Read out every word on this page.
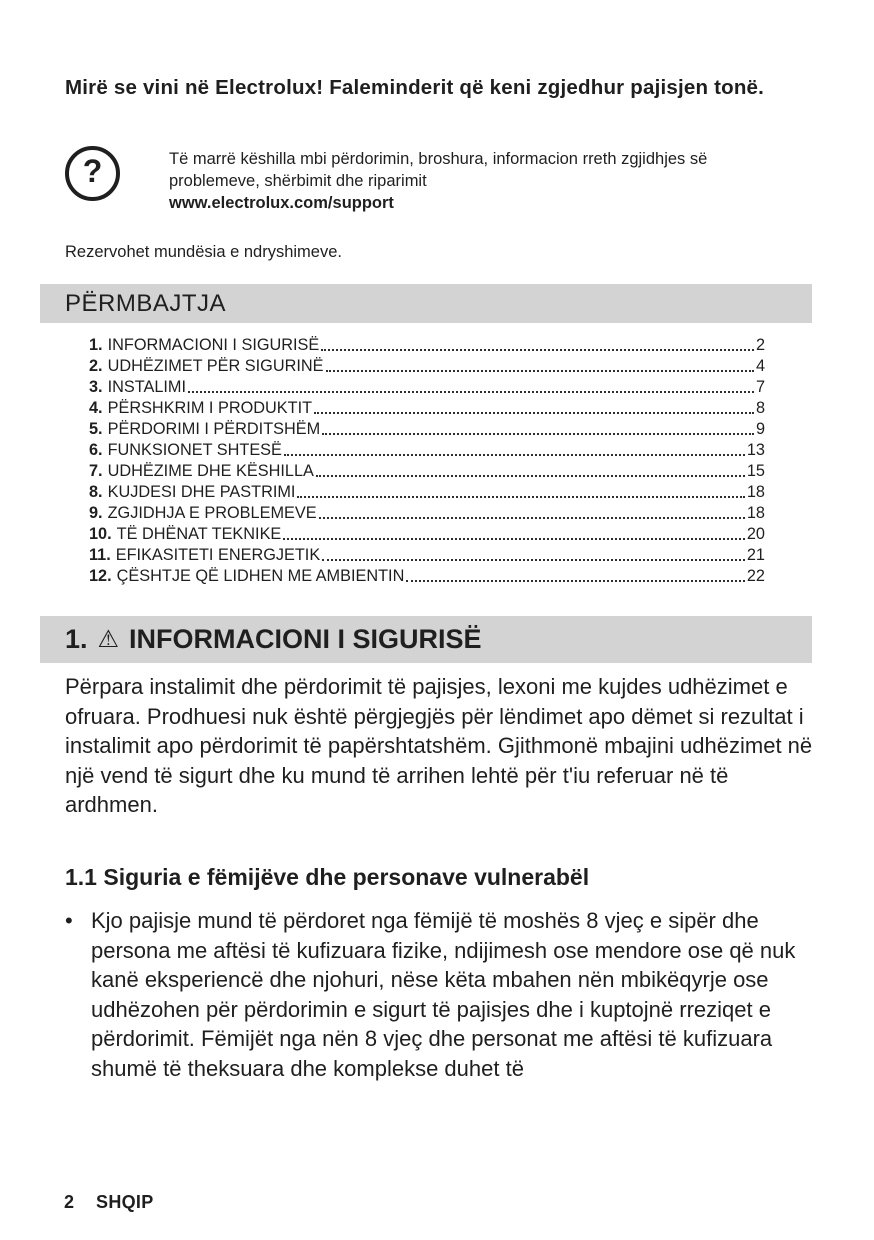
Mirë se vini në Electrolux! Faleminderit që keni zgjedhur pajisjen tonë.
?	Të marrë këshilla mbi përdorimin, broshura, informacion rreth zgjidhjes së problemeve, shërbimit dhe riparimit
www.electrolux.com/support

Rezervohet mundësia e ndryshimeve.

PËRMBAJTJA
1. INFORMACIONI I SIGURISË	2
2. UDHËZIMET PËR SIGURINË	4
3. INSTALIMI	7
4. PËRSHKRIM I PRODUKTIT	8
5. PËRDORIMI I PËRDITSHËM	9
6. FUNKSIONET SHTESË	13
7. UDHËZIME DHE KËSHILLA	15
8. KUJDESI DHE PASTRIMI	18
9. ZGJIDHJA E PROBLEMEVE	18
10. TË DHËNAT TEKNIKE	20
11. EFIKASITETI ENERGJETIK	21
12. ÇËSHTJE QË LIDHEN ME AMBIENTIN	22
1. ⚠ INFORMACIONI I SIGURISË

Përpara instalimit dhe përdorimit të pajisjes, lexoni me kujdes udhëzimet e ofruara. Prodhuesi nuk është përgjegjës për lëndimet apo dëmet si rezultat i instalimit apo përdorimit të papërshtatshëm. Gjithmonë mbajini udhëzimet në një vend të sigurt dhe ku mund të arrihen lehtë për t'iu referuar në të ardhmen.

1.1 Siguria e fëmijëve dhe personave vulnerabël
• Kjo pajisje mund të përdoret nga fëmijë të moshës 8 vjeç e sipër dhe persona me aftësi të kufizuara fizike, ndijimesh ose mendore ose që nuk kanë eksperiencë dhe njohuri, nëse këta mbahen nën mbikëqyrje ose udhëzohen për përdorimin e sigurt të pajisjes dhe i kuptojnë rreziqet e përdorimit. Fëmijët nga nën 8 vjeç dhe personat me aftësi të kufizuara shumë të theksuara dhe komplekse duhet të
2 SHQIP
